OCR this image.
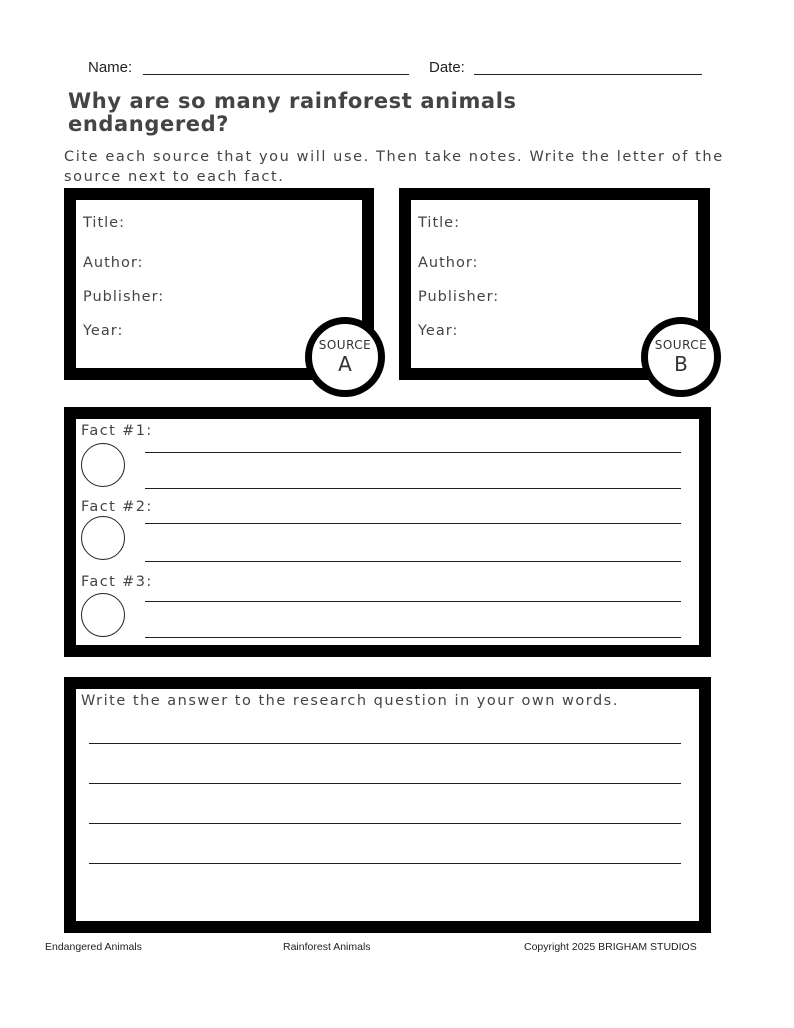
Name:	Date:
Why are so many rainforest animals endangered?
Cite each source that you will use. Then take notes. Write the letter of the source next to each fact.
Title:
Author:
Publisher:
Year:
SOURCE
A
Title:
Author:
Publisher:
Year:
SOURCE
B
Fact #1:
Fact #2:
Fact #3:
Write the answer to the research question in your own words.
Endangered Animals	Rainforest Animals	Copyright 2025 BRIGHAM STUDIOS
